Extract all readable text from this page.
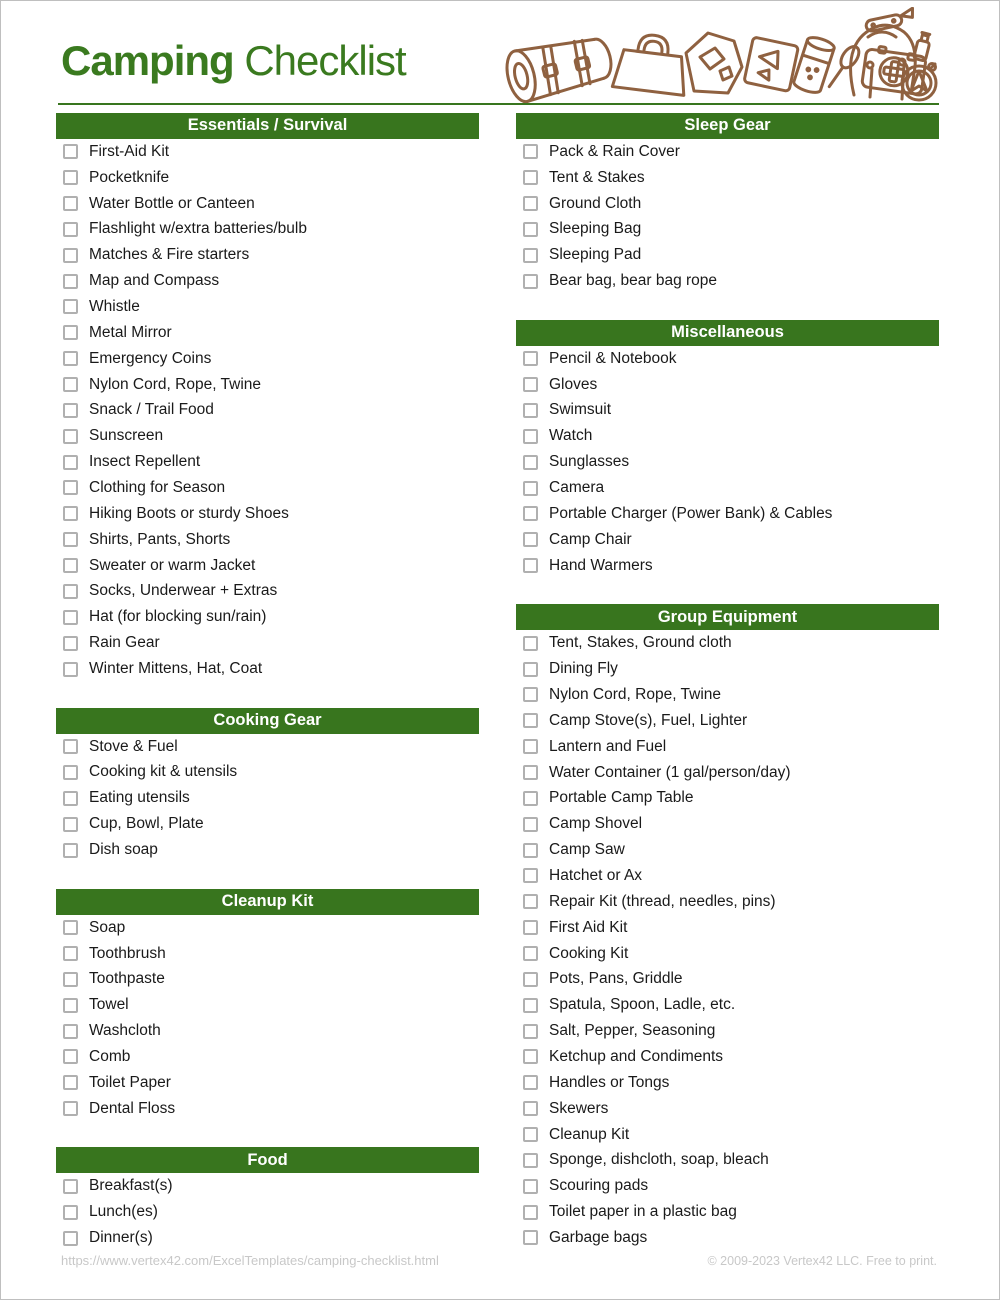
Camping Checklist
Essentials / Survival
First-Aid Kit
Pocketknife
Water Bottle or Canteen
Flashlight w/extra batteries/bulb
Matches & Fire starters
Map and Compass
Whistle
Metal Mirror
Emergency Coins
Nylon Cord, Rope, Twine
Snack / Trail Food
Sunscreen
Insect Repellent
Clothing for Season
Hiking Boots or sturdy Shoes
Shirts, Pants, Shorts
Sweater or warm Jacket
Socks, Underwear + Extras
Hat (for blocking sun/rain)
Rain Gear
Winter Mittens, Hat, Coat
Cooking Gear
Stove & Fuel
Cooking kit & utensils
Eating utensils
Cup, Bowl, Plate
Dish soap
Cleanup Kit
Soap
Toothbrush
Toothpaste
Towel
Washcloth
Comb
Toilet Paper
Dental Floss
Food
Breakfast(s)
Lunch(es)
Dinner(s)
Sleep Gear
Pack & Rain Cover
Tent & Stakes
Ground Cloth
Sleeping Bag
Sleeping Pad
Bear bag, bear bag rope
Miscellaneous
Pencil & Notebook
Gloves
Swimsuit
Watch
Sunglasses
Camera
Portable Charger (Power Bank) & Cables
Camp Chair
Hand Warmers
Group Equipment
Tent, Stakes, Ground cloth
Dining Fly
Nylon Cord, Rope, Twine
Camp Stove(s), Fuel, Lighter
Lantern and Fuel
Water Container (1 gal/person/day)
Portable Camp Table
Camp Shovel
Camp Saw
Hatchet or Ax
Repair Kit (thread, needles, pins)
First Aid Kit
Cooking Kit
Pots, Pans, Griddle
Spatula, Spoon, Ladle, etc.
Salt, Pepper, Seasoning
Ketchup and Condiments
Handles or Tongs
Skewers
Cleanup Kit
Sponge, dishcloth, soap, bleach
Scouring pads
Toilet paper in a plastic bag
Garbage bags
https://www.vertex42.com/ExcelTemplates/camping-checklist.html	© 2009-2023 Vertex42 LLC. Free to print.
